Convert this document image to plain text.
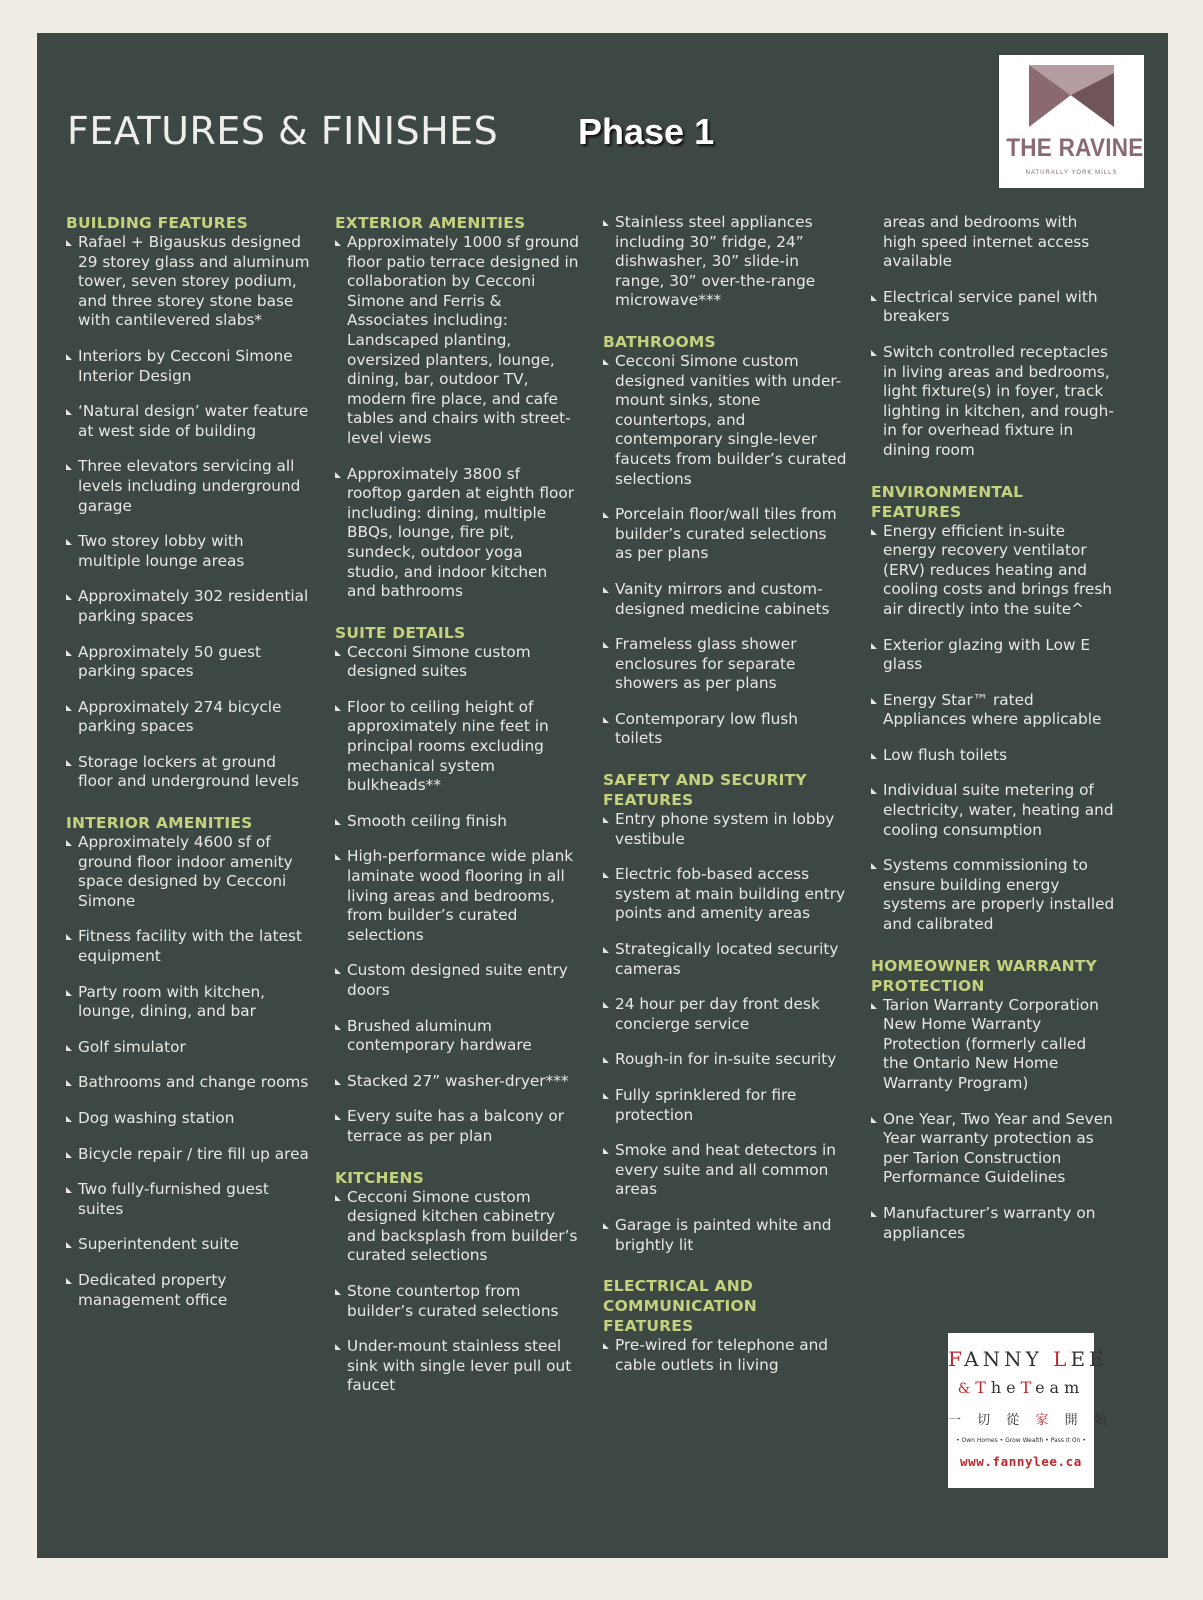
FEATURES & FINISHES Phase 1	THE RAVINE
NATURALLY YORK MILLS
BUILDING FEATURES
Rafael + Bigauskus designed 29 storey glass and aluminum tower, seven storey podium, and three storey stone base with cantilevered slabs*
Interiors by Cecconi Simone Interior Design
‘Natural design’ water feature at west side of building
Three elevators servicing all levels including underground garage
Two storey lobby with multiple lounge areas
Approximately 302 residential parking spaces
Approximately 50 guest parking spaces
Approximately 274 bicycle parking spaces
Storage lockers at ground floor and underground levels
INTERIOR AMENITIES
Approximately 4600 sf of ground floor indoor amenity space designed by Cecconi Simone
Fitness facility with the latest equipment
Party room with kitchen, lounge, dining, and bar
Golf simulator
Bathrooms and change rooms
Dog washing station
Bicycle repair / tire fill up area
Two fully-furnished guest suites
Superintendent suite
Dedicated property management office
EXTERIOR AMENITIES
Approximately 1000 sf ground floor patio terrace designed in collaboration by Cecconi Simone and Ferris & Associates including: Landscaped planting, oversized planters, lounge, dining, bar, outdoor TV, modern fire place, and cafe tables and chairs with street-level views
Approximately 3800 sf rooftop garden at eighth floor including: dining, multiple BBQs, lounge, fire pit, sundeck, outdoor yoga studio, and indoor kitchen and bathrooms
SUITE DETAILS
Cecconi Simone custom designed suites
Floor to ceiling height of approximately nine feet in principal rooms excluding mechanical system bulkheads**
Smooth ceiling finish
High-performance wide plank laminate wood flooring in all living areas and bedrooms, from builder’s curated selections
Custom designed suite entry doors
Brushed aluminum contemporary hardware
Stacked 27” washer-dryer***
Every suite has a balcony or terrace as per plan
KITCHENS
Cecconi Simone custom designed kitchen cabinetry and backsplash from builder’s curated selections
Stone countertop from builder’s curated selections
Under-mount stainless steel sink with single lever pull out faucet
Stainless steel appliances including 30” fridge, 24” dishwasher, 30” slide-in range, 30” over-the-range microwave***
BATHROOMS
Cecconi Simone custom designed vanities with under-mount sinks, stone countertops, and contemporary single-lever faucets from builder’s curated selections
Porcelain floor/wall tiles from builder’s curated selections as per plans
Vanity mirrors and custom-designed medicine cabinets
Frameless glass shower enclosures for separate showers as per plans
Contemporary low flush toilets
SAFETY AND SECURITY FEATURES
Entry phone system in lobby vestibule
Electric fob-based access system at main building entry points and amenity areas
Strategically located security cameras
24 hour per day front desk concierge service
Rough-in for in-suite security
Fully sprinklered for fire protection
Smoke and heat detectors in every suite and all common areas
Garage is painted white and brightly lit
ELECTRICAL AND COMMUNICATION FEATURES
Pre-wired for telephone and cable outlets in living
areas and bedrooms with high speed internet access available
Electrical service panel with breakers
Switch controlled receptacles in living areas and bedrooms, light fixture(s) in foyer, track lighting in kitchen, and rough-in for overhead fixture in dining room
ENVIRONMENTAL FEATURES
Energy efficient in-suite energy recovery ventilator (ERV) reduces heating and cooling costs and brings fresh air directly into the suite^
Exterior glazing with Low E glass
Energy Star™ rated Appliances where applicable
Low flush toilets
Individual suite metering of electricity, water, heating and cooling consumption
Systems commissioning to ensure building energy systems are properly installed and calibrated
HOMEOWNER WARRANTY PROTECTION
Tarion Warranty Corporation New Home Warranty Protection (formerly called the Ontario New Home Warranty Program)
One Year, Two Year and Seven Year warranty protection as per Tarion Construction Performance Guidelines
Manufacturer’s warranty on appliances
FANNY LEE
&TheTeam
一 切 從 家 開 始
• Own Homes • Grow Wealth • Pass It On •
www.fannylee.ca
